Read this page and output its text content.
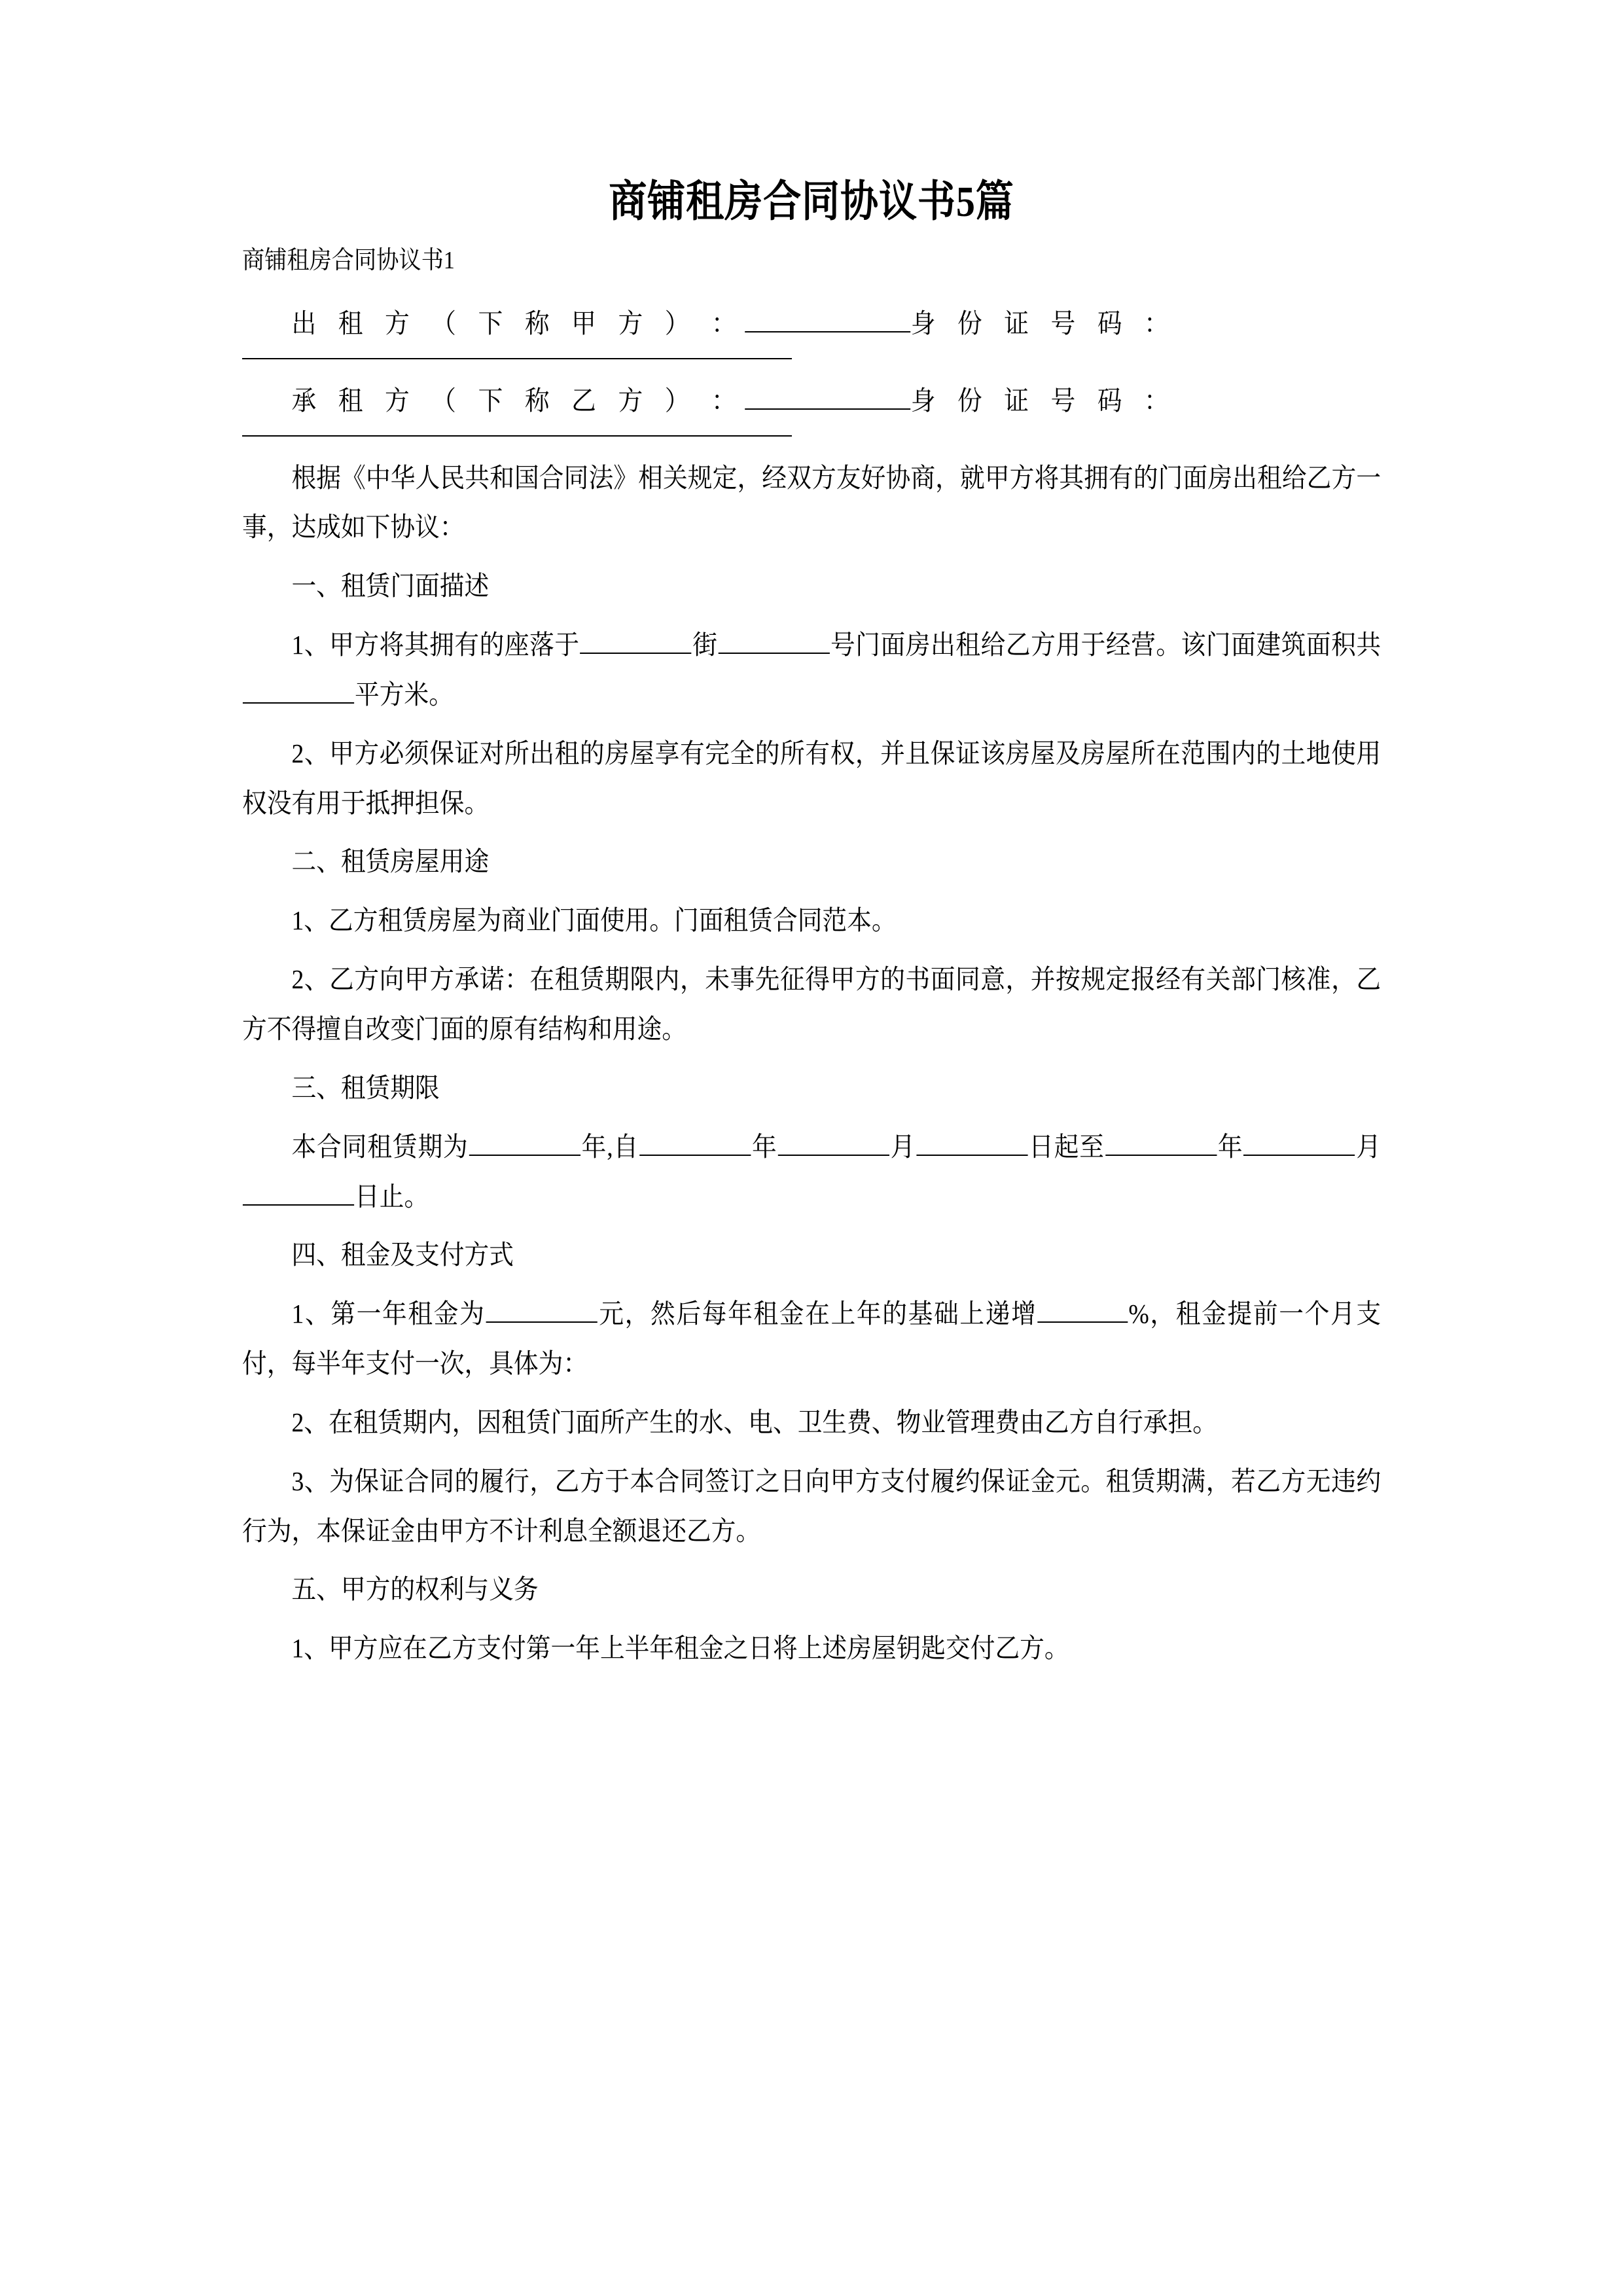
商铺租房合同协议书5篇
商铺租房合同协议书1
出 租 方 （ 下 称 甲 方 ） ：	身 份 证 号 码 ：
承 租 方 （ 下 称 乙 方 ） ：	身 份 证 号 码 ：
根据《中华人民共和国合同法》相关规定，经双方友好协商，就甲方将其拥有的门面房出租给乙方一事，达成如下协议：
一、租赁门面描述
1、甲方将其拥有的座落于	街	号门面房出租给乙方用于经营。该门面建筑面积共平方米。
2、甲方必须保证对所出租的房屋享有完全的所有权，并且保证该房屋及房屋所在范围内的土地使用权没有用于抵押担保。
二、租赁房屋用途
1、乙方租赁房屋为商业门面使用。门面租赁合同范本。
2、乙方向甲方承诺：在租赁期限内，未事先征得甲方的书面同意，并按规定报经有关部门核准，乙方不得擅自改变门面的原有结构和用途。
三、租赁期限
本合同租赁期为	年,自	年	月	日起至	年	月日止。
四、租金及支付方式
1、第一年租金为	元，然后每年租金在上年的基础上递增	%，租金提前一个月支付，每半年支付一次，具体为：
2、在租赁期内，因租赁门面所产生的水、电、卫生费、物业管理费由乙方自行承担。
3、为保证合同的履行，乙方于本合同签订之日向甲方支付履约保证金元。租赁期满，若乙方无违约行为，本保证金由甲方不计利息全额退还乙方。
五、甲方的权利与义务
1、甲方应在乙方支付第一年上半年租金之日将上述房屋钥匙交付乙方。
